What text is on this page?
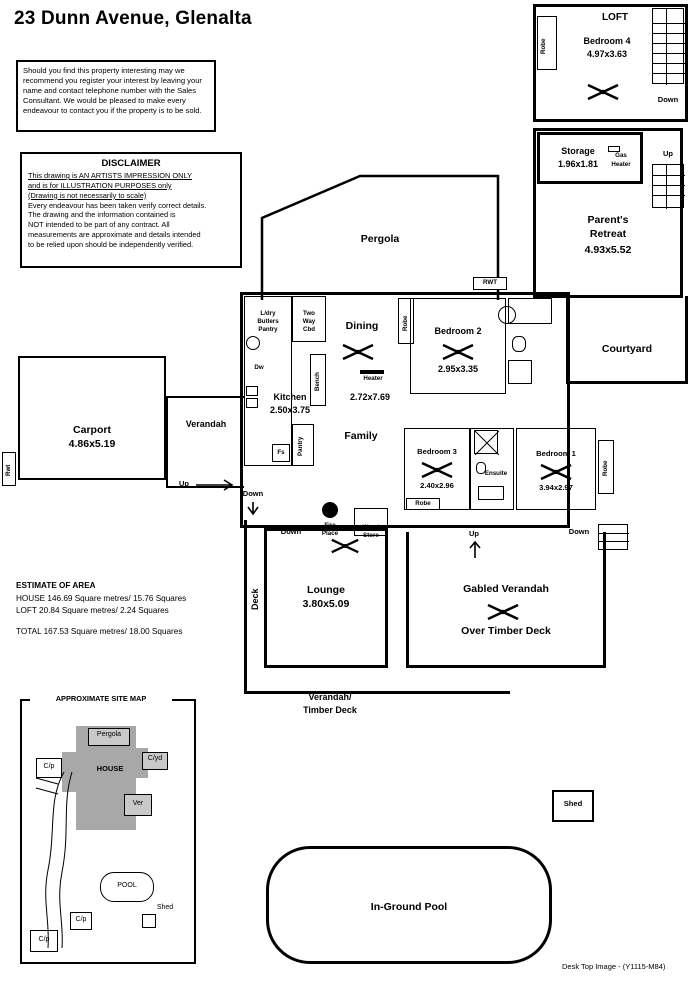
23 Dunn Avenue, Glenalta
Should you find this property interesting may we recommend you register your interest by leaving your name and contact telephone number with the Sales Consultant. We would be pleased to make every endeavour to contact you if the property is to be sold.
DISCLAIMER
This drawing is AN ARTISTS IMPRESSION ONLY
and is for ILLUSTRATION PURPOSES only
(Drawing is not necessarily to scale)
Every endeavour has been taken verify correct details.
The drawing and the information contained is
NOT intended to be part of any contract. All
measurements are approximate and details intended
to be relied upon should be independently verified.
LOFT
Bedroom 4
4.97x3.63
Robe
Down
Storage
1.96x1.81
Gas
Heater
Up
Parent's
Retreat
4.93x5.52
Courtyard
Pergola
RWT
L/dry
Butlers
Pantry
Dw
Two
Way
Cbd
Bench
Kitchen
2.50x3.75
Pantry
Fs
Dining
2.72x7.69
Robe
Bedroom 2
2.95x3.35
Heater
Family
Bedroom 3
2.40x2.96
Robe
Ensuite
Bedroom 1
3.94x2.97
Robe
Carport
4.86x5.19
Rwt
Verandah
Up
Down
Lounge
3.80x5.09
Fire
Place
Wood
Store
Deck
Down
Verandah/
Timber Deck
Gabled Verandah
Over Timber Deck
Up	Down
ESTIMATE OF AREA
HOUSE 146.69 Square metres/ 15.76 Squares
LOFT 20.84 Square metres/ 2.24 Squares
TOTAL 167.53 Square metres/ 18.00 Squares
APPROXIMATE SITE MAP
Pergola
HOUSE
C/yd
Ver
C/p
C/p
C/p
POOL
Shed
Shed
In-Ground Pool
Desk Top Image - (Y1115-M84)
